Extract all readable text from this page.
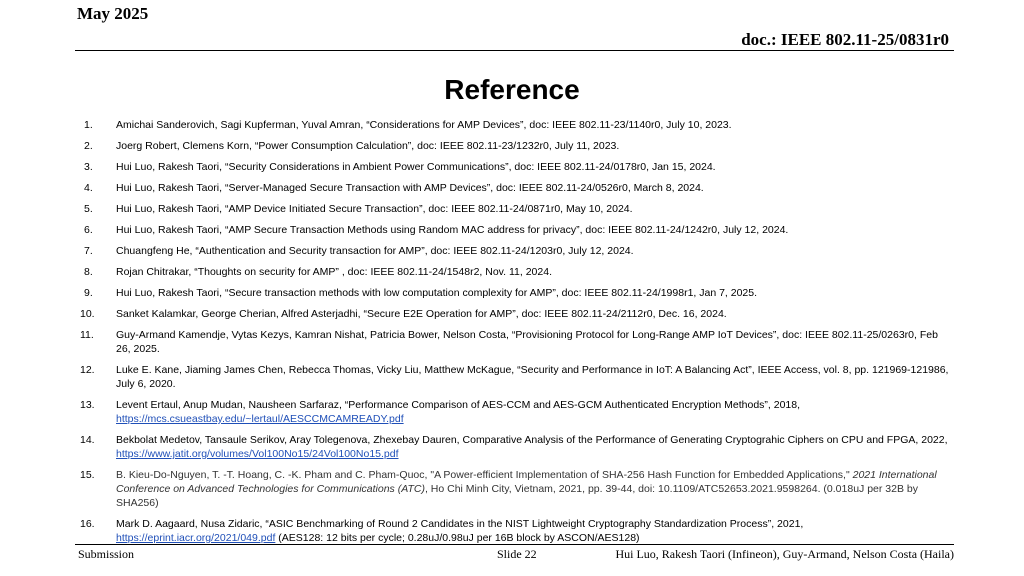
May 2025
doc.: IEEE 802.11-25/0831r0
Reference
1.	Amichai Sanderovich, Sagi Kupferman, Yuval Amran, “Considerations for AMP Devices”, doc: IEEE 802.11-23/1140r0, July 10, 2023.
2.	Joerg Robert, Clemens Korn, “Power Consumption Calculation”, doc: IEEE 802.11-23/1232r0, July 11, 2023.
3.	Hui Luo, Rakesh Taori, “Security Considerations in Ambient Power Communications”, doc: IEEE 802.11-24/0178r0, Jan 15, 2024.
4.	Hui Luo, Rakesh Taori, “Server-Managed Secure Transaction with AMP Devices”, doc: IEEE 802.11-24/0526r0, March 8, 2024.
5.	Hui Luo, Rakesh Taori, “AMP Device Initiated Secure Transaction”, doc: IEEE 802.11-24/0871r0, May 10, 2024.
6.	Hui Luo, Rakesh Taori, “AMP Secure Transaction Methods using Random MAC address for privacy”, doc: IEEE 802.11-24/1242r0, July 12, 2024.
7.	Chuangfeng He, “Authentication and Security transaction for AMP”, doc: IEEE 802.11-24/1203r0, July 12, 2024.
8.	Rojan Chitrakar, “Thoughts on security for AMP” , doc: IEEE 802.11-24/1548r2, Nov. 11, 2024.
9.	Hui Luo, Rakesh Taori, “Secure transaction methods with low computation complexity for AMP”, doc: IEEE 802.11-24/1998r1, Jan 7, 2025.
10.	Sanket Kalamkar, George Cherian, Alfred Asterjadhi, “Secure E2E Operation for AMP”, doc: IEEE 802.11-24/2112r0, Dec. 16, 2024.
11.	Guy-Armand Kamendje, Vytas Kezys, Kamran Nishat, Patricia Bower, Nelson Costa, “Provisioning Protocol for Long-Range AMP IoT Devices”, doc: IEEE 802.11-25/0263r0, Feb 26, 2025.
12.	Luke E. Kane, Jiaming James Chen, Rebecca Thomas, Vicky Liu, Matthew McKague, “Security and Performance in IoT: A Balancing Act”, IEEE Access, vol. 8, pp. 121969-121986, July 6, 2020.
13.	Levent Ertaul, Anup Mudan, Nausheen Sarfaraz, “Performance Comparison of AES-CCM and AES-GCM Authenticated Encryption Methods”, 2018,
https://mcs.csueastbay.edu/~lertaul/AESCCMCAMREADY.pdf
14.	Bekbolat Medetov, Tansaule Serikov, Aray Tolegenova, Zhexebay Dauren, Comparative Analysis of the Performance of Generating Cryptograhic Ciphers on CPU and FPGA, 2022, https://www.jatit.org/volumes/Vol100No15/24Vol100No15.pdf
15.	B. Kieu-Do-Nguyen, T. -T. Hoang, C. -K. Pham and C. Pham-Quoc, "A Power-efficient Implementation of SHA-256 Hash Function for Embedded Applications," 2021 International Conference on Advanced Technologies for Communications (ATC), Ho Chi Minh City, Vietnam, 2021, pp. 39-44, doi: 10.1109/ATC52653.2021.9598264. (0.018uJ per 32B by SHA256)
16.	Mark D. Aagaard, Nusa Zidaric, “ASIC Benchmarking of Round 2 Candidates in the NIST Lightweight Cryptography Standardization Process”, 2021,
https://eprint.iacr.org/2021/049.pdf (AES128: 12 bits per cycle; 0.28uJ/0.98uJ per 16B block by ASCON/AES128)
Submission	Slide 22	Hui Luo, Rakesh Taori (Infineon), Guy-Armand, Nelson Costa (Haila)
